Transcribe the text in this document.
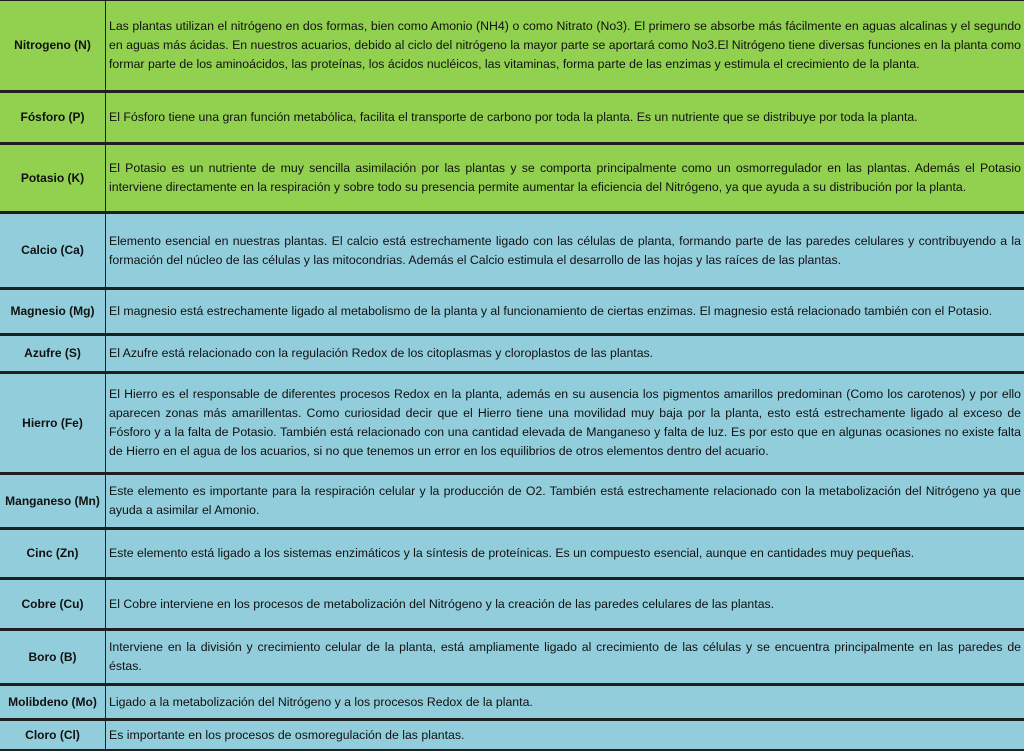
Nitrogeno (N)	Las plantas utilizan el nitrógeno en dos formas, bien como Amonio (NH4) o como Nitrato (No3). El primero se absorbe más fácilmente en aguas alcalinas y el segundo en aguas más ácidas. En nuestros acuarios, debido al ciclo del nitrógeno la mayor parte se aportará como No3.El Nitrógeno tiene diversas funciones en la planta como formar parte de los aminoácidos, las proteínas, los ácidos nucléicos, las vitaminas, forma parte de las enzimas y estimula el crecimiento de la planta.
Fósforo (P)	El Fósforo tiene una gran función metabólica, facilita el transporte de carbono por toda la planta. Es un nutriente que se distribuye por toda la planta.
Potasio (K)	El Potasio es un nutriente de muy sencilla asimilación por las plantas y se comporta principalmente como un osmorregulador en las plantas. Además el Potasio interviene directamente en la respiración y sobre todo su presencia permite aumentar la eficiencia del Nitrógeno, ya que ayuda a su distribución por la planta.
Calcio (Ca)	Elemento esencial en nuestras plantas. El calcio está estrechamente ligado con las células de planta, formando parte de las paredes celulares y contribuyendo a la formación del núcleo de las células y las mitocondrias. Además el Calcio estimula el desarrollo de las hojas y las raíces de las plantas.
Magnesio (Mg)	El magnesio está estrechamente ligado al metabolismo de la planta y al funcionamiento de ciertas enzimas. El magnesio está relacionado también con el Potasio.
Azufre (S)	El Azufre está relacionado con la regulación Redox de los citoplasmas y cloroplastos de las plantas.
Hierro (Fe)	El Hierro es el responsable de diferentes procesos Redox en la planta, además en su ausencia los pigmentos amarillos predominan (Como los carotenos) y por ello aparecen zonas más amarillentas. Como curiosidad decir que el Hierro tiene una movilidad muy baja por la planta, esto está estrechamente ligado al exceso de Fósforo y a la falta de Potasio. También está relacionado con una cantidad elevada de Manganeso y falta de luz. Es por esto que en algunas ocasiones no existe falta de Hierro en el agua de los acuarios, si no que tenemos un error en los equilibrios de otros elementos dentro del acuario.
Manganeso (Mn)	Este elemento es importante para la respiración celular y la producción de O2. También está estrechamente relacionado con la metabolización del Nitrógeno ya que ayuda a asimilar el Amonio.
Cinc (Zn)	Este elemento está ligado a los sistemas enzimáticos y la síntesis de proteínicas. Es un compuesto esencial, aunque en cantidades muy pequeñas.
Cobre (Cu)	El Cobre interviene en los procesos de metabolización del Nitrógeno y la creación de las paredes celulares de las plantas.
Boro (B)	Interviene en la división y crecimiento celular de la planta, está ampliamente ligado al crecimiento de las células y se encuentra principalmente en las paredes de éstas.
Molibdeno (Mo)	Ligado a la metabolización del Nitrógeno y a los procesos Redox de la planta.
Cloro (Cl)	Es importante en los procesos de osmoregulación de las plantas.
